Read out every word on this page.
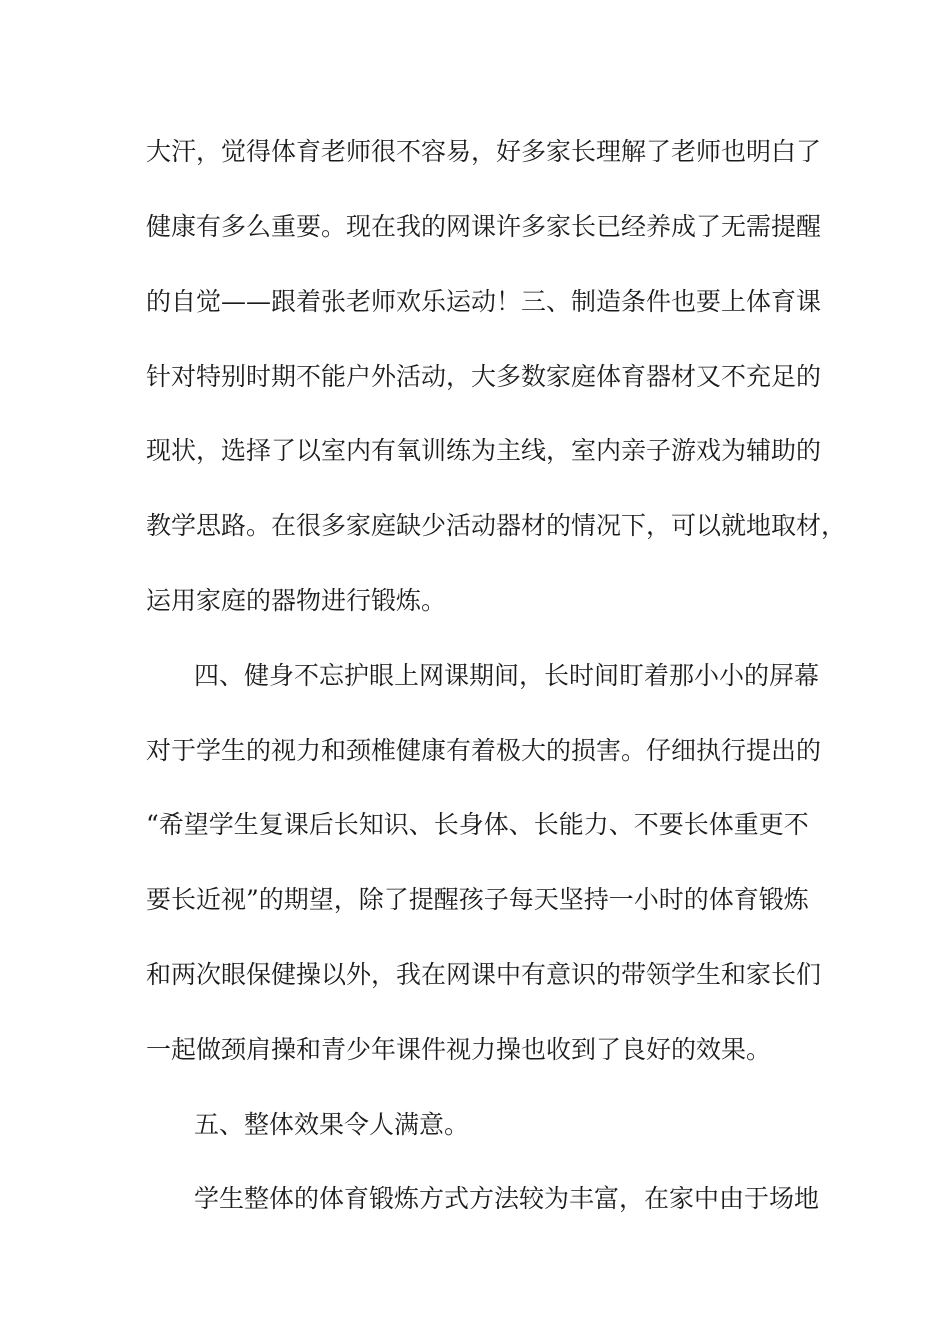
大汗，觉得体育老师很不容易，好多家长理解了老师也明白了
健康有多么重要。现在我的网课许多家长已经养成了无需提醒
的自觉——跟着张老师欢乐运动！三、制造条件也要上体育课
针对特别时期不能户外活动，大多数家庭体育器材又不充足的
现状，选择了以室内有氧训练为主线，室内亲子游戏为辅助的
教学思路。在很多家庭缺少活动器材的情况下，可以就地取材，
运用家庭的器物进行锻炼。
四、健身不忘护眼上网课期间，长时间盯着那小小的屏幕
对于学生的视力和颈椎健康有着极大的损害。仔细执行提出的
“希望学生复课后长知识、长身体、长能力、不要长体重更不
要长近视”的期望，除了提醒孩子每天坚持一小时的体育锻炼
和两次眼保健操以外，我在网课中有意识的带领学生和家长们
一起做颈肩操和青少年课件视力操也收到了良好的效果。
五、整体效果令人满意。
学生整体的体育锻炼方式方法较为丰富，在家中由于场地
